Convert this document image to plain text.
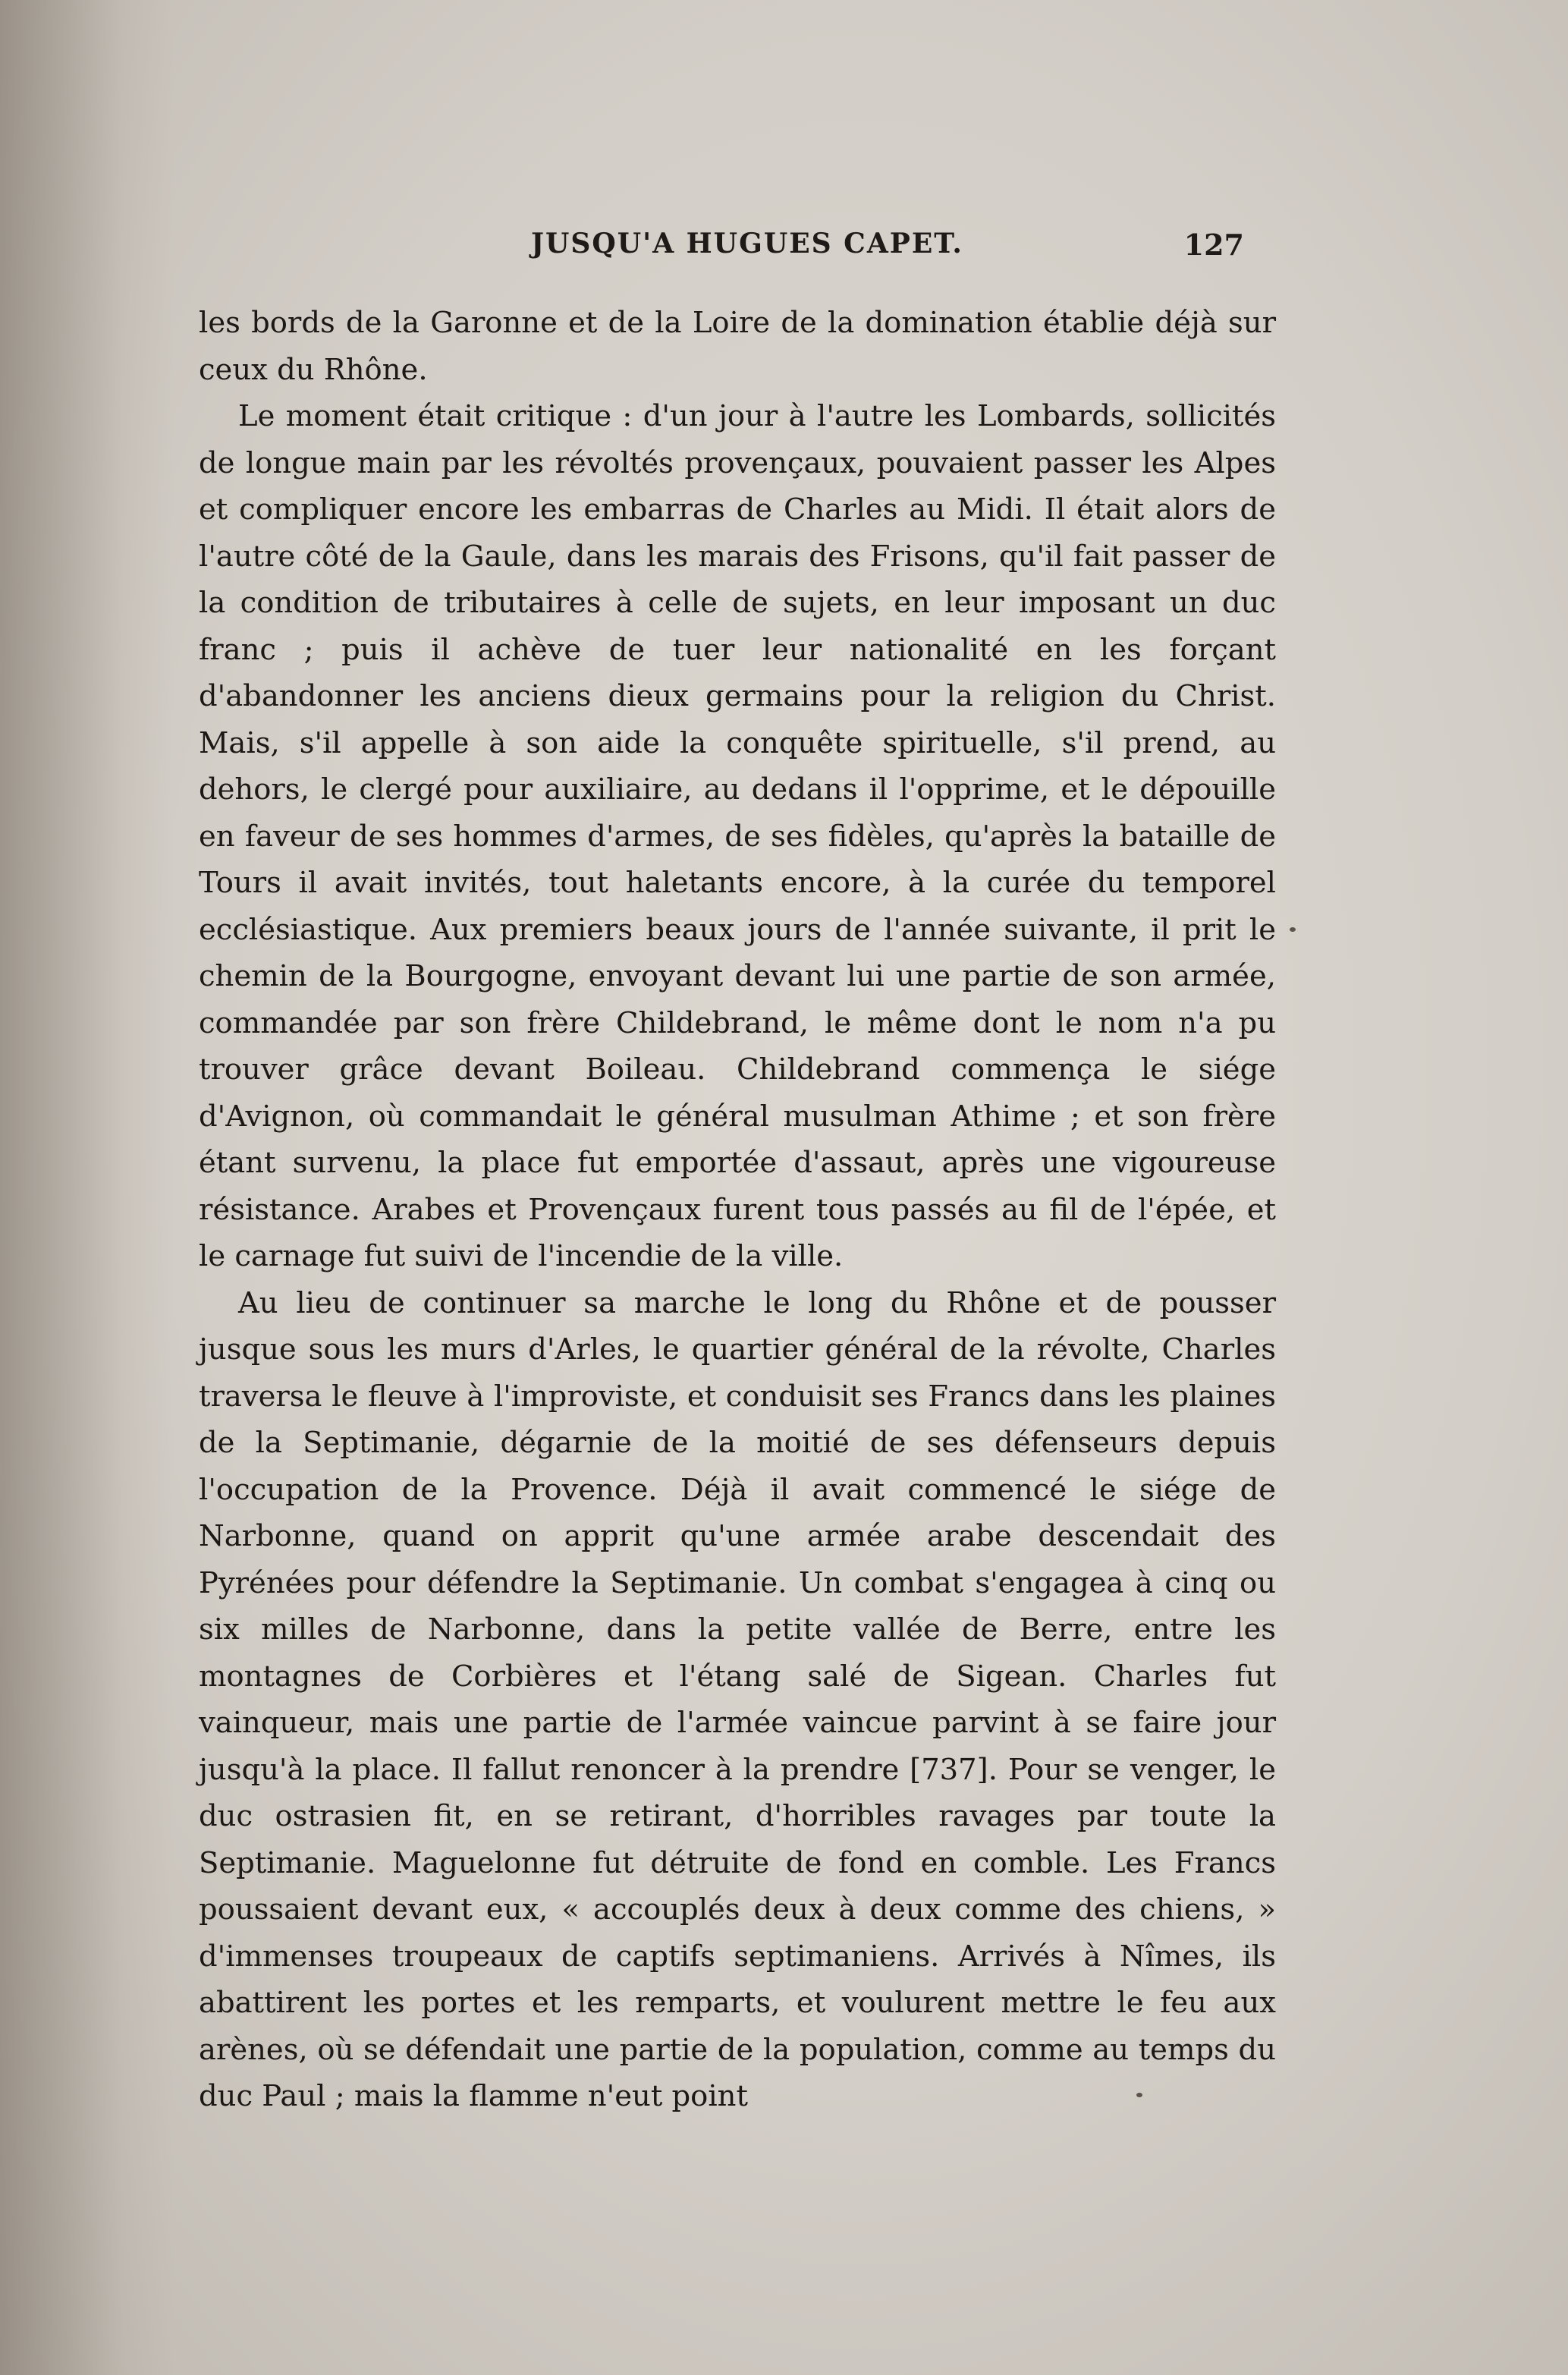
JUSQU'A HUGUES CAPET.	127

les bords de la Garonne et de la Loire de la domination établie déjà sur ceux du Rhône.

Le moment était critique : d'un jour à l'autre les Lombards, sollicités de longue main par les révoltés provençaux, pouvaient passer les Alpes et compliquer encore les embarras de Charles au Midi. Il était alors de l'autre côté de la Gaule, dans les marais des Frisons, qu'il fait passer de la condition de tributaires à celle de sujets, en leur imposant un duc franc ; puis il achève de tuer leur nationalité en les forçant d'abandonner les anciens dieux germains pour la religion du Christ. Mais, s'il appelle à son aide la conquête spirituelle, s'il prend, au dehors, le clergé pour auxiliaire, au dedans il l'opprime, et le dépouille en faveur de ses hommes d'armes, de ses fidèles, qu'après la bataille de Tours il avait invités, tout haletants encore, à la curée du temporel ecclésiastique. Aux premiers beaux jours de l'année suivante, il prit le chemin de la Bourgogne, envoyant devant lui une partie de son armée, commandée par son frère Childebrand, le même dont le nom n'a pu trouver grâce devant Boileau. Childebrand commença le siége d'Avignon, où commandait le général musulman Athime ; et son frère étant survenu, la place fut emportée d'assaut, après une vigoureuse résistance. Arabes et Provençaux furent tous passés au fil de l'épée, et le carnage fut suivi de l'incendie de la ville.

Au lieu de continuer sa marche le long du Rhône et de pousser jusque sous les murs d'Arles, le quartier général de la révolte, Charles traversa le fleuve à l'improviste, et conduisit ses Francs dans les plaines de la Septimanie, dégarnie de la moitié de ses défenseurs depuis l'occupation de la Provence. Déjà il avait commencé le siége de Narbonne, quand on apprit qu'une armée arabe descendait des Pyrénées pour défendre la Septimanie. Un combat s'engagea à cinq ou six milles de Narbonne, dans la petite vallée de Berre, entre les montagnes de Corbières et l'étang salé de Sigean. Charles fut vainqueur, mais une partie de l'armée vaincue parvint à se faire jour jusqu'à la place. Il fallut renoncer à la prendre [737]. Pour se venger, le duc ostrasien fit, en se retirant, d'horribles ravages par toute la Septimanie. Maguelonne fut détruite de fond en comble. Les Francs poussaient devant eux, « accouplés deux à deux comme des chiens, » d'immenses troupeaux de captifs septimaniens. Arrivés à Nîmes, ils abattirent les portes et les remparts, et voulurent mettre le feu aux arènes, où se défendait une partie de la population, comme au temps du duc Paul ; mais la flamme n'eut point
